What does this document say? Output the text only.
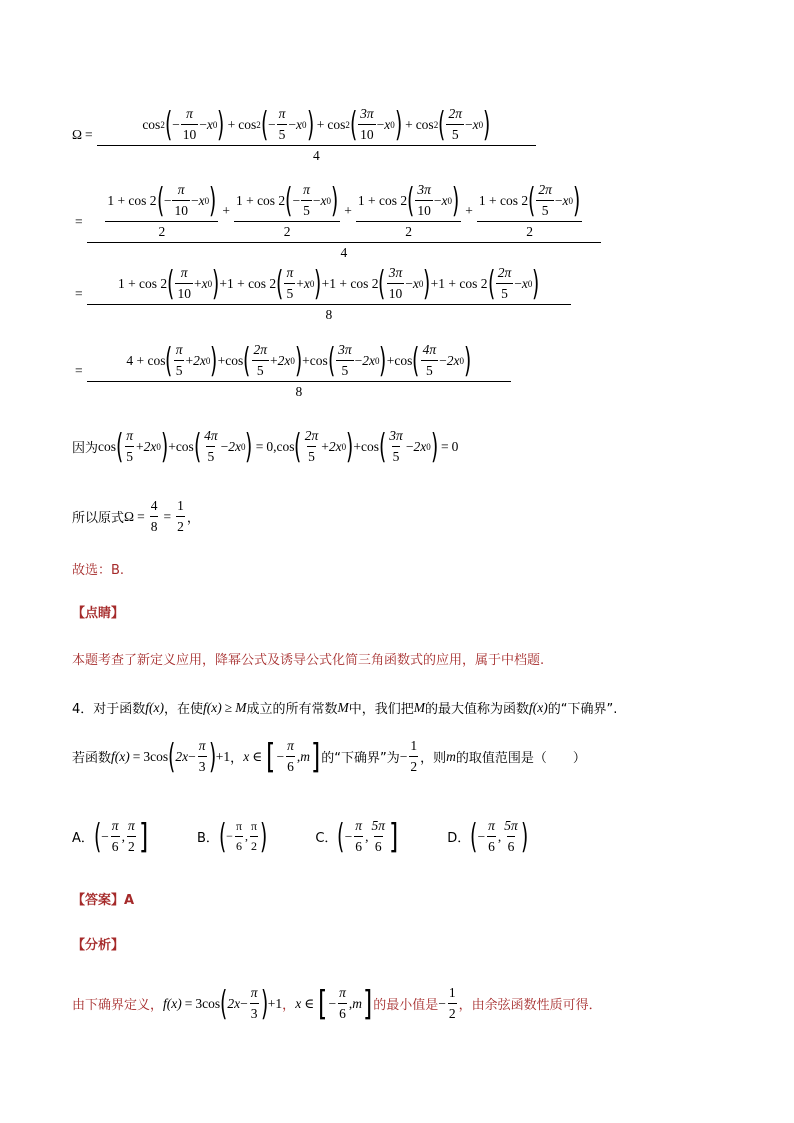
Ω =
cos 2 ( − $\frac{\pi}{10} - x$ 0 ) + cos 2 ( − $\frac{\pi}{5} - x$ 0 ) + cos 2 ( $\frac{3\pi}{10} - x$ 0 ) + cos 2 ( $\frac{2\pi}{5} - x$ 0 )
4
= $\frac{1 + \cos 2 ( - \frac{\pi}{10} - x 0 )}{2} + \frac{1 + \cos 2 ( - \frac{\pi}{5} - x 0 )}{2} + \frac{1 + \cos 2 ( \frac{3\pi}{10} - x 0 )}{2} + \frac{1 + \cos 2 ( \frac{2\pi}{5} - x 0 )}{2}$
4
=
1 + cos 2 ( $\frac{\pi}{10} + x$ 0 ) + 1 + cos 2 ( $\frac{\pi}{5} + x$ 0 ) + 1 + cos 2 ( $\frac{3\pi}{10} - x$ 0 ) + 1 + cos 2 ( $\frac{2\pi}{5} - x$ 0 )
8
=
4 + cos ( $\frac{\pi}{5} + 2x$ 0 ) + cos ( $\frac{2\pi}{5} + 2x$ 0 ) + cos ( $\frac{3\pi}{5} - 2x$ 0 ) + cos ( $\frac{4\pi}{5} - 2x$ 0 )
8
因为 cos ( $\frac{\pi}{5} + 2x$ 0 ) + cos ( $\frac{4\pi}{5} - 2x$ 0 ) = 0 , cos ( $\frac{2\pi}{5} + 2x$ 0 ) + cos ( $\frac{3\pi}{5} - 2x$ 0 ) = 0
所以原式 $\Omega = \frac{4}{8} = \frac{1}{2}$ ，
故选：B.
【点睛】
本题考查了新定义应用，降幂公式及诱导公式化简三角函数式的应用，属于中档题.
4．对于函数 f(x) ，在使 f(x) ≥ M 成立的所有常数 M 中，我们把 M 的最大值称为函数 f(x) 的“下确界”.
若函数 f(x) = 3cos ( $2x - \frac{\pi}{3}$ ) +1 ， x ∈ [ − $\frac{\pi}{6}$ , m ] 的“下确界”为 − $\frac{1}{2}$ ，则 m 的取值范围是（　　）
A． ( − $\frac{\pi}{6}$ , $\frac{\pi}{2}$ ]	B． ( − $\frac{\pi}{6}$ , $\frac{\pi}{2}$ )	C． ( − $\frac{\pi}{6}$ , $\frac{5\pi}{6}$ ]	D． ( − $\frac{\pi}{6}$ , $\frac{5\pi}{6}$ )
【答案】A
【分析】
由下确界定义， f(x) = 3cos ( $2x - \frac{\pi}{3}$ ) +1 ， x ∈ [ − $\frac{\pi}{6}$ , m ] 的最小值是 − $\frac{1}{2}$ ，由余弦函数性质可得．
